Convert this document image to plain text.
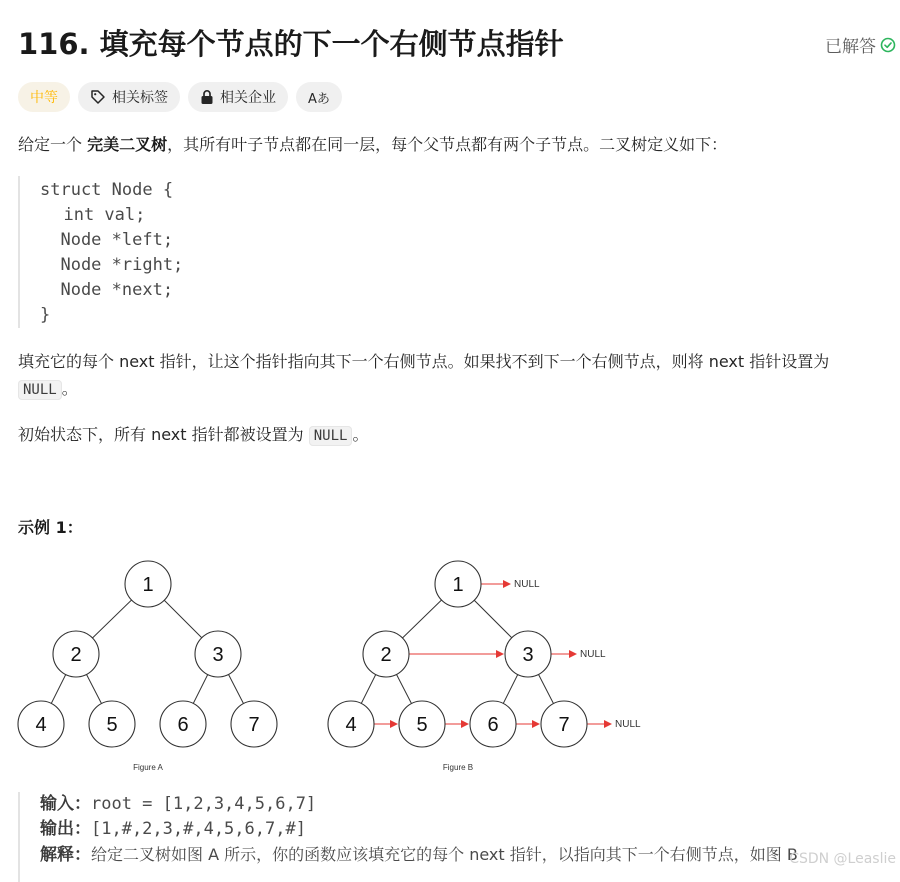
116. 填充每个节点的下一个右侧节点指针	已解答
中等	相关标签	相关企业 Aあ
给定一个 完美二叉树，其所有叶子节点都在同一层，每个父节点都有两个子节点。二叉树定义如下：
struct Node {
int val;
Node *left;
Node *right;
Node *next;
}
填充它的每个 next 指针，让这个指针指向其下一个右侧节点。如果找不到下一个右侧节点，则将 next 指针设置为
NULL 。
初始状态下，所有 next 指针都被设置为 NULL 。
示例 1：
1
2	3
4	5	6	7
Figure A
1
2	3
4	5	6	7
NULL
NULL
NULL
Figure B
输入：root = [1,2,3,4,5,6,7]
输出：[1,#,2,3,#,4,5,6,7,#]
解释：给定二叉树如图 A 所示，你的函数应该填充它的每个 next 指针，以指向其下一个右侧节点，如图 B
CSDN @Leaslie
